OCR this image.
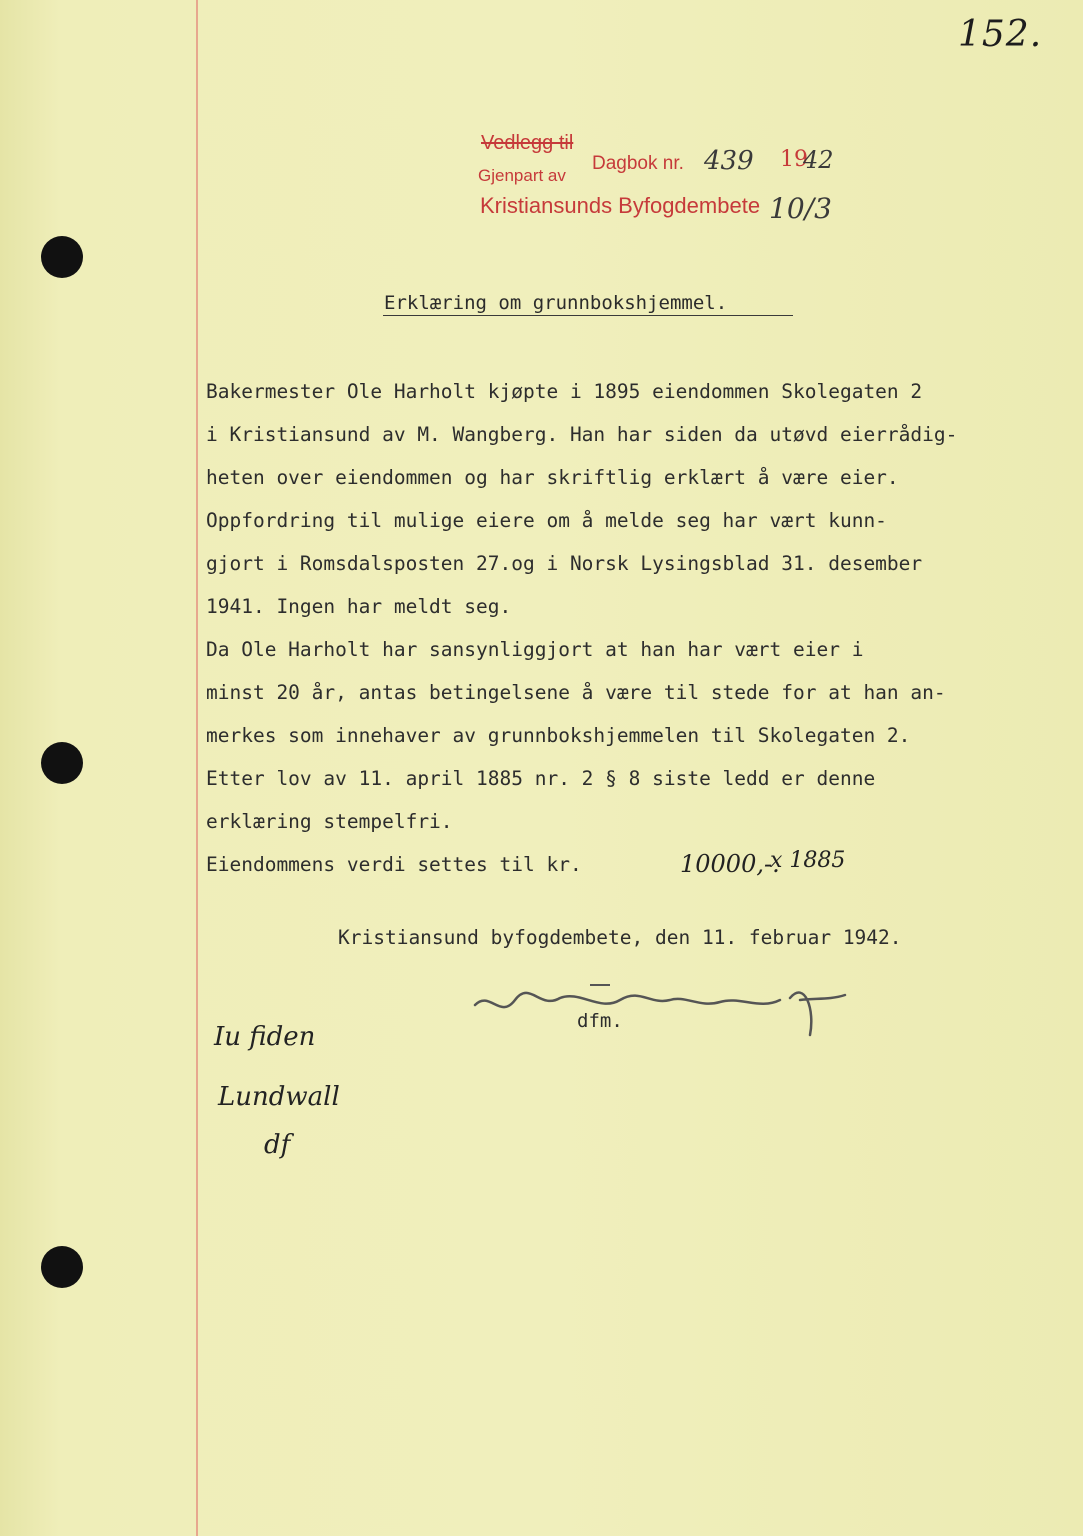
152.
Vedlegg til
Gjenpart av
Dagbok nr.
Kristiansunds Byfogdembete
439 19
42
10/3
Erklæring om grunnbokshjemmel.
Bakermester Ole Harholt kjøpte i 1895 eiendommen Skolegaten 2
i Kristiansund av M. Wangberg. Han har siden da utøvd eierrådig-
heten over eiendommen og har skriftlig erklært å være eier.
Oppfordring til mulige eiere om å melde seg har vært kunn-
gjort i Romsdalsposten 27.og i Norsk Lysingsblad 31. desember
1941. Ingen har meldt seg.
Da Ole Harholt har sansynliggjort at han har vært eier i
minst 20 år, antas betingelsene å være til stede for at han an-
merkes som innehaver av grunnbokshjemmelen til Skolegaten 2.
Etter lov av 11. april 1885 nr. 2 § 8 siste ledd er denne
erklæring stempelfri.
Eiendommens verdi settes til kr.	10000,-.
x 1885
Kristiansund byfogdembete, den 11. februar 1942.
dfm.
Iu fiden
Lundwall
df
